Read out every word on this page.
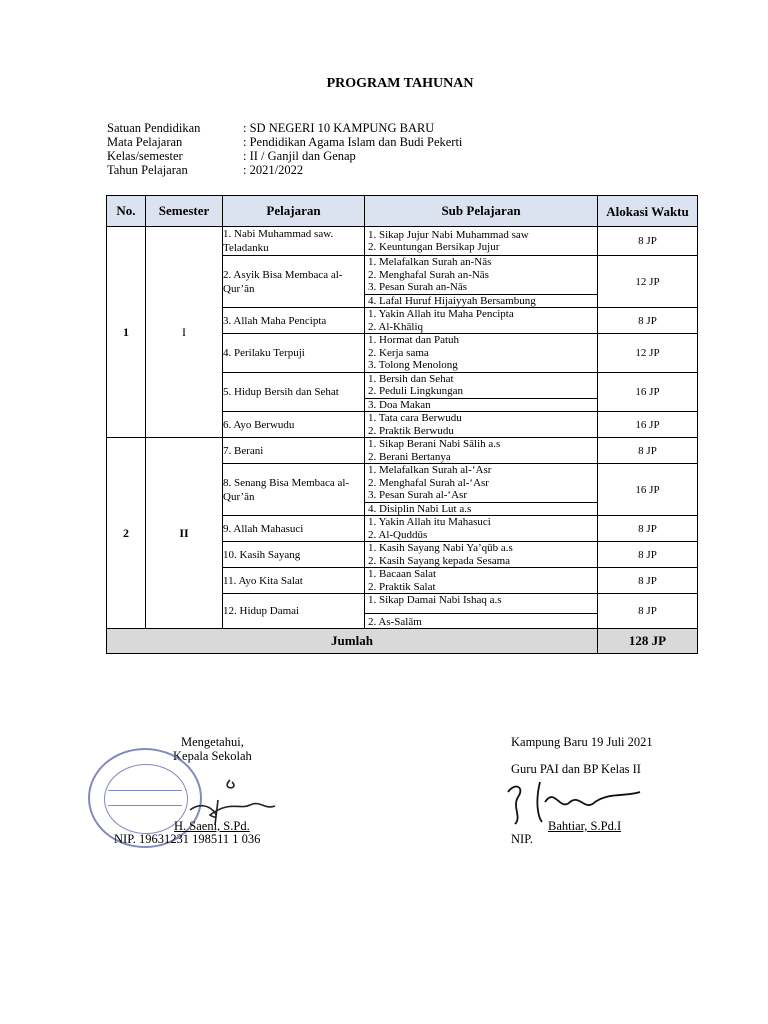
PROGRAM TAHUNAN
Satuan Pendidikan	: SD NEGERI 10 KAMPUNG BARU
Mata Pelajaran	: Pendidikan Agama Islam dan Budi Pekerti
Kelas/semester	: II / Ganjil dan Genap
Tahun Pelajaran	: 2021/2022
No.	Semester	Pelajaran	Sub Pelajaran	Alokasi Waktu
1	I	1. Nabi Muhammad saw. Teladanku	1. Sikap Jujur Nabi Muhammad saw
2. Keuntungan Bersikap Jujur	8 JP
		2. Asyik Bisa Membaca al-Qur’ān	1. Melafalkan Surah an-Nās
2. Menghafal Surah an-Nās
3. Pesan Surah an-Nās
4. Lafal Huruf Hijaiyyah Bersambung	12 JP
		3. Allah Maha Pencipta	1. Yakin Allah itu Maha Pencipta
2. Al-Khāliq	8 JP
		4. Perilaku Terpuji	1. Hormat dan Patuh
2. Kerja sama
3. Tolong Menolong	12 JP
		5. Hidup Bersih dan Sehat	1. Bersih dan Sehat
2. Peduli Lingkungan
3. Doa Makan	16 JP
		6. Ayo Berwudu	1. Tata cara Berwudu
2. Praktik Berwudu	16 JP
2	II	7. Berani	1. Sikap Berani Nabi Sālih a.s
2. Berani Bertanya	8 JP
		8. Senang Bisa Membaca al-Qur’ān	1. Melafalkan Surah al-‘Asr
2. Menghafal Surah al-‘Asr
3. Pesan Surah al-‘Asr
4. Disiplin Nabi Lut a.s	16 JP
		9. Allah Mahasuci	1. Yakin Allah itu Mahasuci
2. Al-Quddūs	8 JP
		10. Kasih Sayang	1. Kasih Sayang Nabi Ya’qūb a.s
2. Kasih Sayang kepada Sesama	8 JP
		11. Ayo Kita Salat	1. Bacaan Salat
2. Praktik Salat	8 JP
		12. Hidup Damai	1. Sikap Damai Nabi Ishaq a.s
2. As-Salām	8 JP
Jumlah				128 JP
Mengetahui,
Kepala Sekolah
H. Saeni, S.Pd.
NIP. 19631231 198511 1 036
Kampung Baru 19 Juli 2021
Guru PAI dan BP Kelas II
Bahtiar, S.Pd.I
NIP.
